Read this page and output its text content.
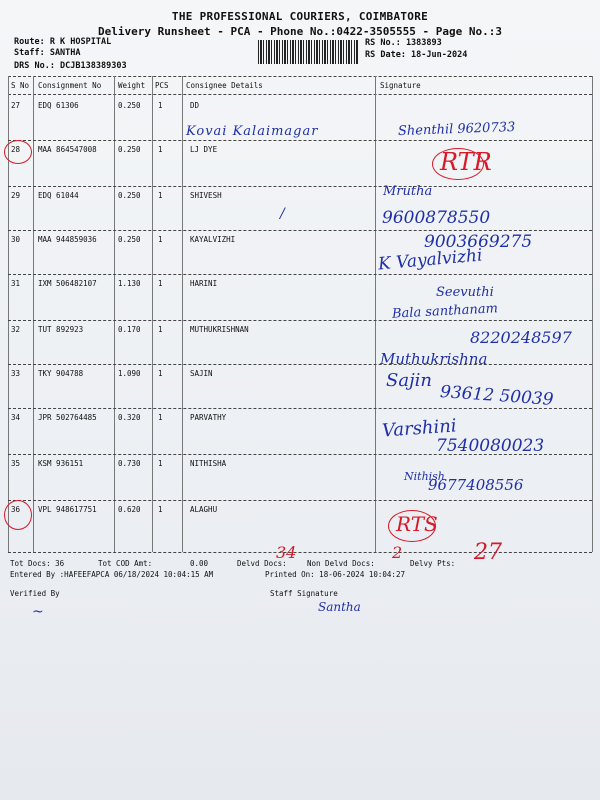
THE PROFESSIONAL COURIERS, COIMBATORE
Delivery Runsheet - PCA - Phone No.:0422-3505555 - Page No.:3
Route: R K HOSPITAL
Staff: SANTHA
DRS No.: DCJB138389303
RS No.: 1383893
RS Date: 18-Jun-2024
S No Consignment No Weight PCS Consignee Details	Signature
27 EDQ 61306	0.250 1	DD
28 MAA 864547008	0.250 1	LJ DYE
29 EDQ 61044	0.250 1	SHIVESH
30 MAA 944859036	0.250 1	KAYALVIZHI
31 IXM 506482107	1.130 1	HARINI
32 TUT 892923	0.170 1	MUTHUKRISHNAN
33 TKY 904788	1.090 1	SAJIN
34 JPR 502764485	0.320 1	PARVATHY
35 KSM 936151	0.730 1	NITHISHA
36 VPL 948617751	0.620 1	ALAGHU
Tot Docs: 36	Tot COD Amt:	0.00	Delvd Docs:	Non Delvd Docs:	Delvy Pts:
Entered By :HAFEEFAPCA 06/18/2024 10:04:15 AM	Printed On: 18-06-2024 10:04:27
Verified By	Staff Signature
Kovai Kalaimagar	Shenthil 9620733
RTR
Mrutha
9600878550
/
9003669275
K Vayalvizhi
Seevuthi
Bala santhanam
8220248597
Muthukrishna
Sajin
93612 50039
Varshini
7540080023
Nithish
9677408556
RTS
34	2	27
~	Santha
